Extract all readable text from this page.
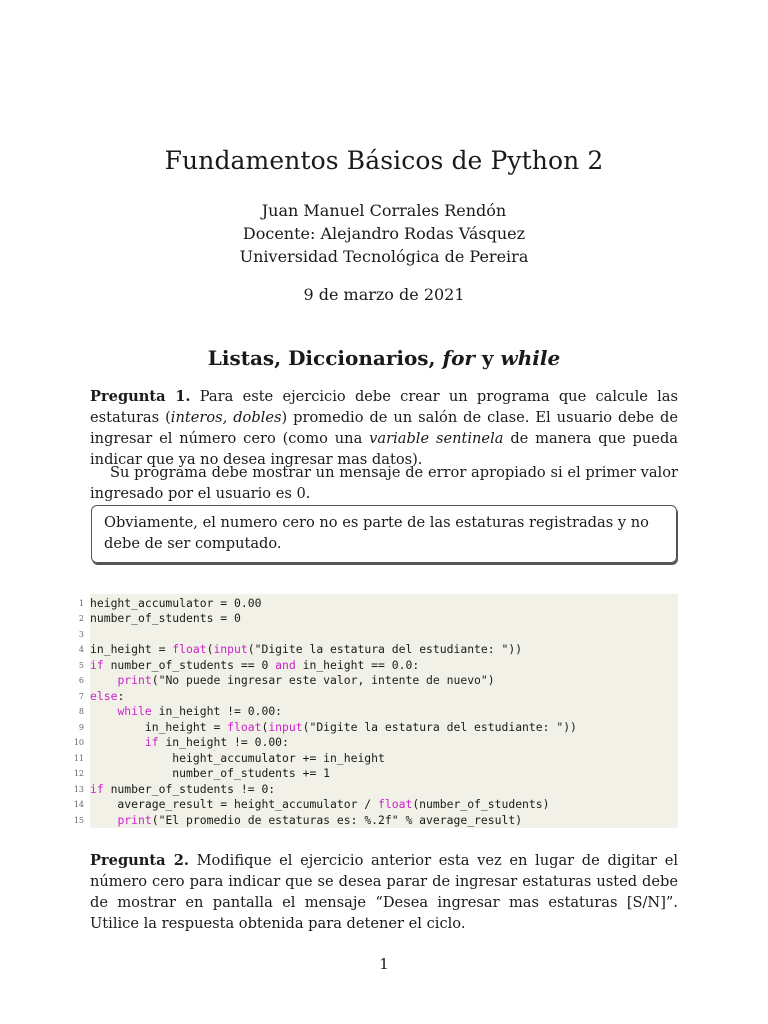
Fundamentos Básicos de Python 2

Juan Manuel Corrales Rendón

Docente: Alejandro Rodas Vásquez

Universidad Tecnológica de Pereira

9 de marzo de 2021

Listas, Diccionarios, for y while

Pregunta 1. Para este ejercicio debe crear un programa que calcule las estaturas (interos, dobles) promedio de un salón de clase. El usuario debe de ingresar el número cero (como una variable sentinela de manera que pueda indicar que ya no desea ingresar mas datos).

Su programa debe mostrar un mensaje de error apropiado si el primer valor ingresado por el usuario es 0.

Obviamente, el numero cero no es parte de las estaturas registradas y no debe de ser computado.
1 height_accumulator = 0.00
2 number_of_students = 0
3
4 in_height = float(input("Digite la estatura del estudiante: "))
5 if number_of_students == 0 and in_height == 0.0:
6	print("No puede ingresar este valor, intente de nuevo")
7 else:
8	while in_height != 0.00:
9 in_height = float(input("Digite la estatura del estudiante: "))
10	if in_height != 0.00:
11 height_accumulator += in_height
12 number_of_students += 1
13 if number_of_students != 0:
14 average_result = height_accumulator / float(number_of_students)
15	print("El promedio de estaturas es: %.2f" % average_result)

Pregunta 2. Modifique el ejercicio anterior esta vez en lugar de digitar el número cero para indicar que se desea parar de ingresar estaturas usted debe de mostrar en pantalla el mensaje “Desea ingresar mas estaturas [S/N]”. Utilice la respuesta obtenida para detener el ciclo.

1
